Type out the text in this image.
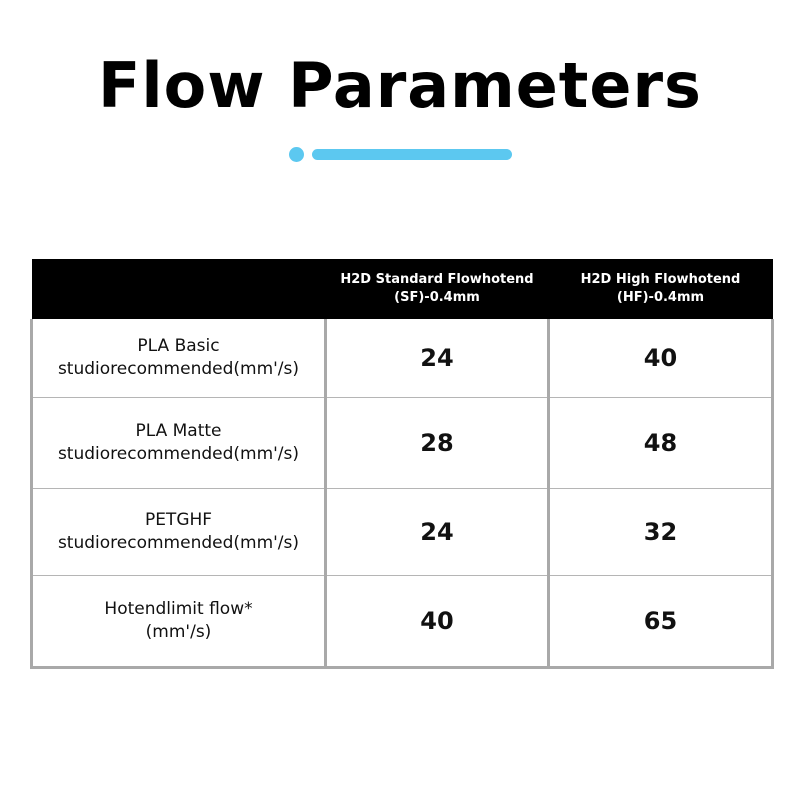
Flow Parameters
	H2D Standard Flowhotend (SF)-0.4mm	H2D High Flowhotend (HF)-0.4mm

PLA Basic
studiorecommended(mm'/s)	24	40

PLA Matte
studiorecommended(mm'/s)	28	48

PETGHF
studiorecommended(mm'/s)	24	32

Hotendlimit flow*
(mm'/s)	40	65
